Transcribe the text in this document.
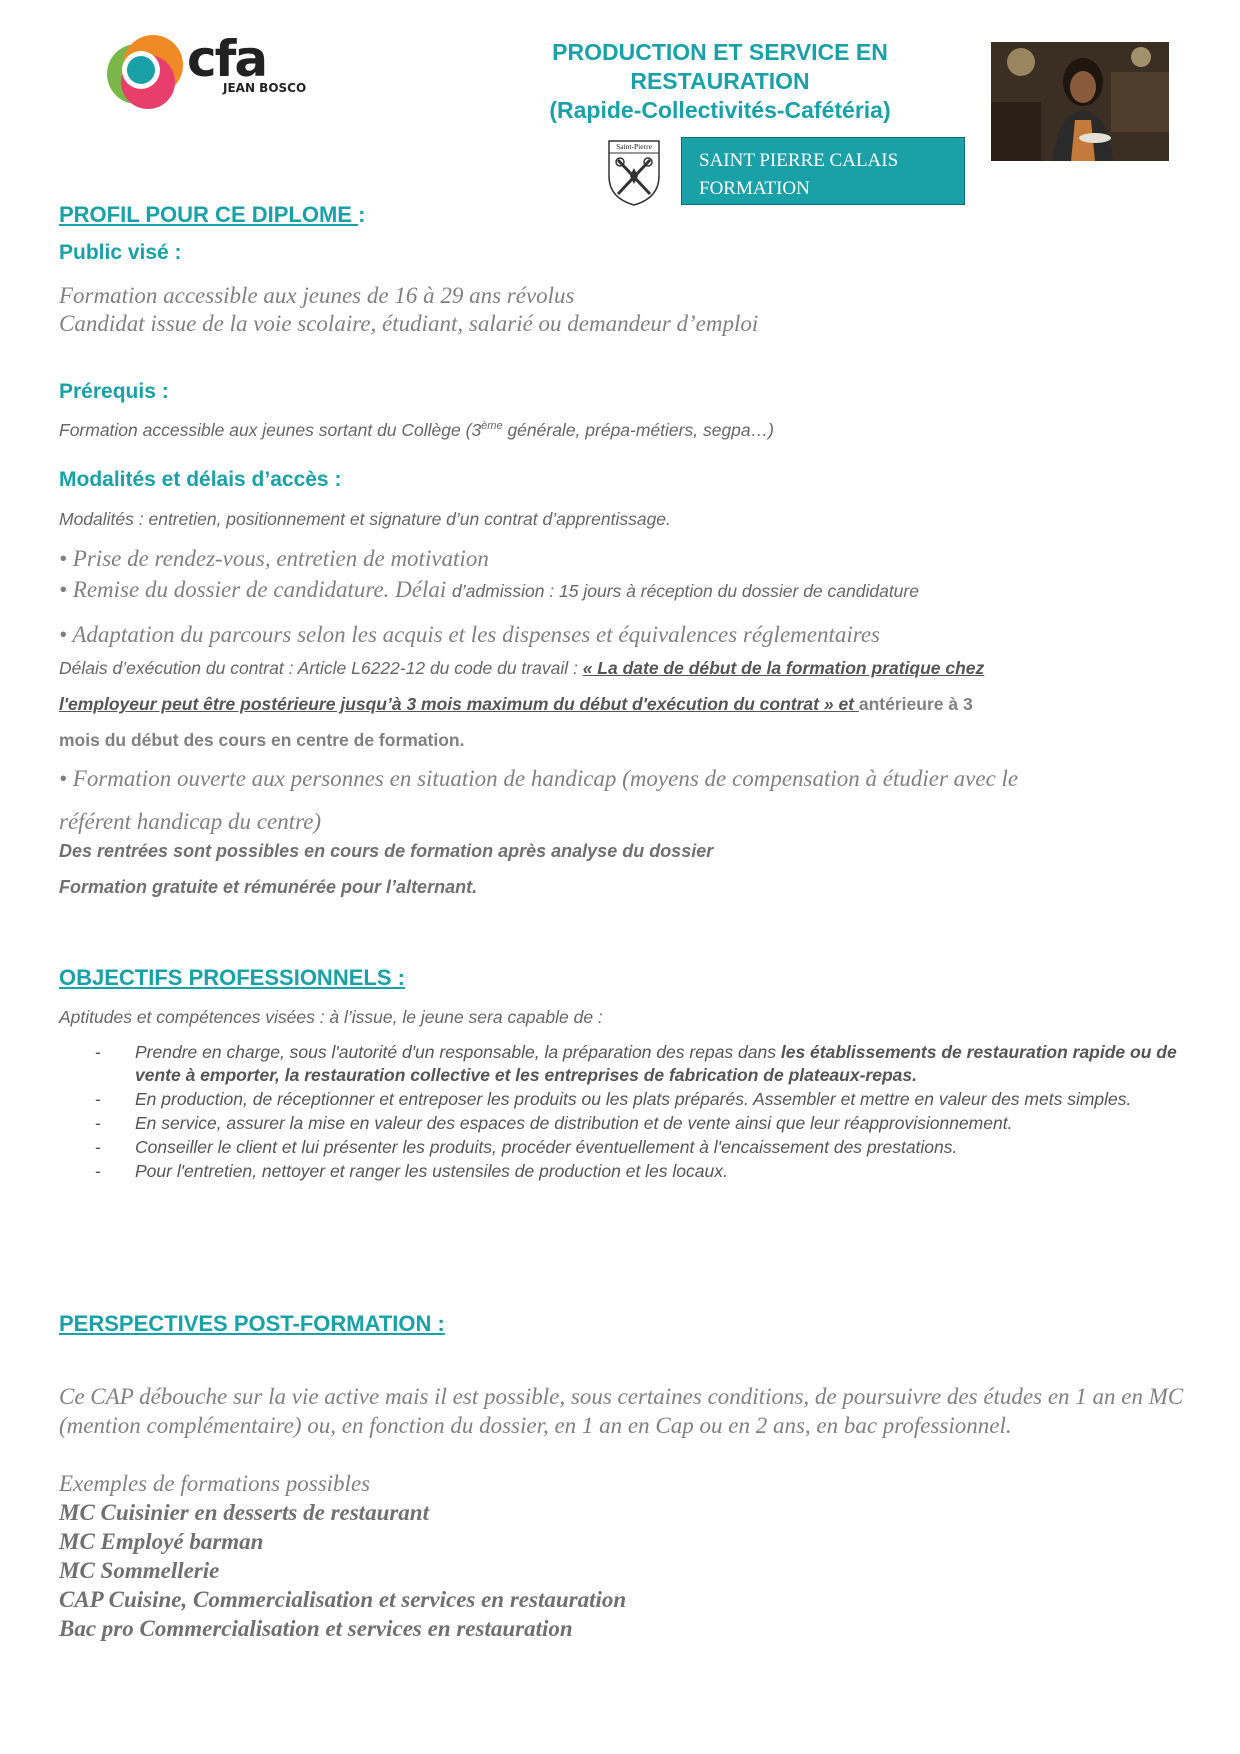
cfa
JEAN BOSCO
PRODUCTION ET SERVICE EN
RESTAURATION
(Rapide-Collectivités-Cafétéria)
Saint-Pierre
SAINT PIERRE CALAIS
FORMATION
PROFIL POUR CE DIPLOME :
Public visé :
Formation accessible aux jeunes de 16 à 29 ans révolus
Candidat issue de la voie scolaire, étudiant, salarié ou demandeur d’emploi
Prérequis :
Formation accessible aux jeunes sortant du Collège (3ème générale, prépa-métiers, segpa…)
Modalités et délais d’accès :
Modalités : entretien, positionnement et signature d’un contrat d’apprentissage.
• Prise de rendez-vous, entretien de motivation
• Remise du dossier de candidature. Délai d’admission : 15 jours à réception du dossier de candidature
• Adaptation du parcours selon les acquis et les dispenses et équivalences réglementaires
Délais d’exécution du contrat : Article L6222-12 du code du travail : « La date de début de la formation pratique chez
l'employeur peut être postérieure jusqu’à 3 mois maximum du début d'exécution du contrat » et antérieure à 3
mois du début des cours en centre de formation.
• Formation ouverte aux personnes en situation de handicap (moyens de compensation à étudier avec le
référent handicap du centre)
Des rentrées sont possibles en cours de formation après analyse du dossier
Formation gratuite et rémunérée pour l’alternant.
OBJECTIFS PROFESSIONNELS :
Aptitudes et compétences visées : à l’issue, le jeune sera capable de :
- Prendre en charge, sous l'autorité d'un responsable, la préparation des repas dans les établissements de restauration rapide ou de vente à emporter, la restauration collective et les entreprises de fabrication de plateaux-repas.
- En production, de réceptionner et entreposer les produits ou les plats préparés. Assembler et mettre en valeur des mets simples.
- En service, assurer la mise en valeur des espaces de distribution et de vente ainsi que leur réapprovisionnement.
- Conseiller le client et lui présenter les produits, procéder éventuellement à l'encaissement des prestations.
- Pour l'entretien, nettoyer et ranger les ustensiles de production et les locaux.
PERSPECTIVES POST-FORMATION :
Ce CAP débouche sur la vie active mais il est possible, sous certaines conditions, de poursuivre des études en 1 an en MC (mention complémentaire) ou, en fonction du dossier, en 1 an en Cap ou en 2 ans, en bac professionnel.
Exemples de formations possibles
MC Cuisinier en desserts de restaurant
MC Employé barman
MC Sommellerie
CAP Cuisine, Commercialisation et services en restauration
Bac pro Commercialisation et services en restauration
